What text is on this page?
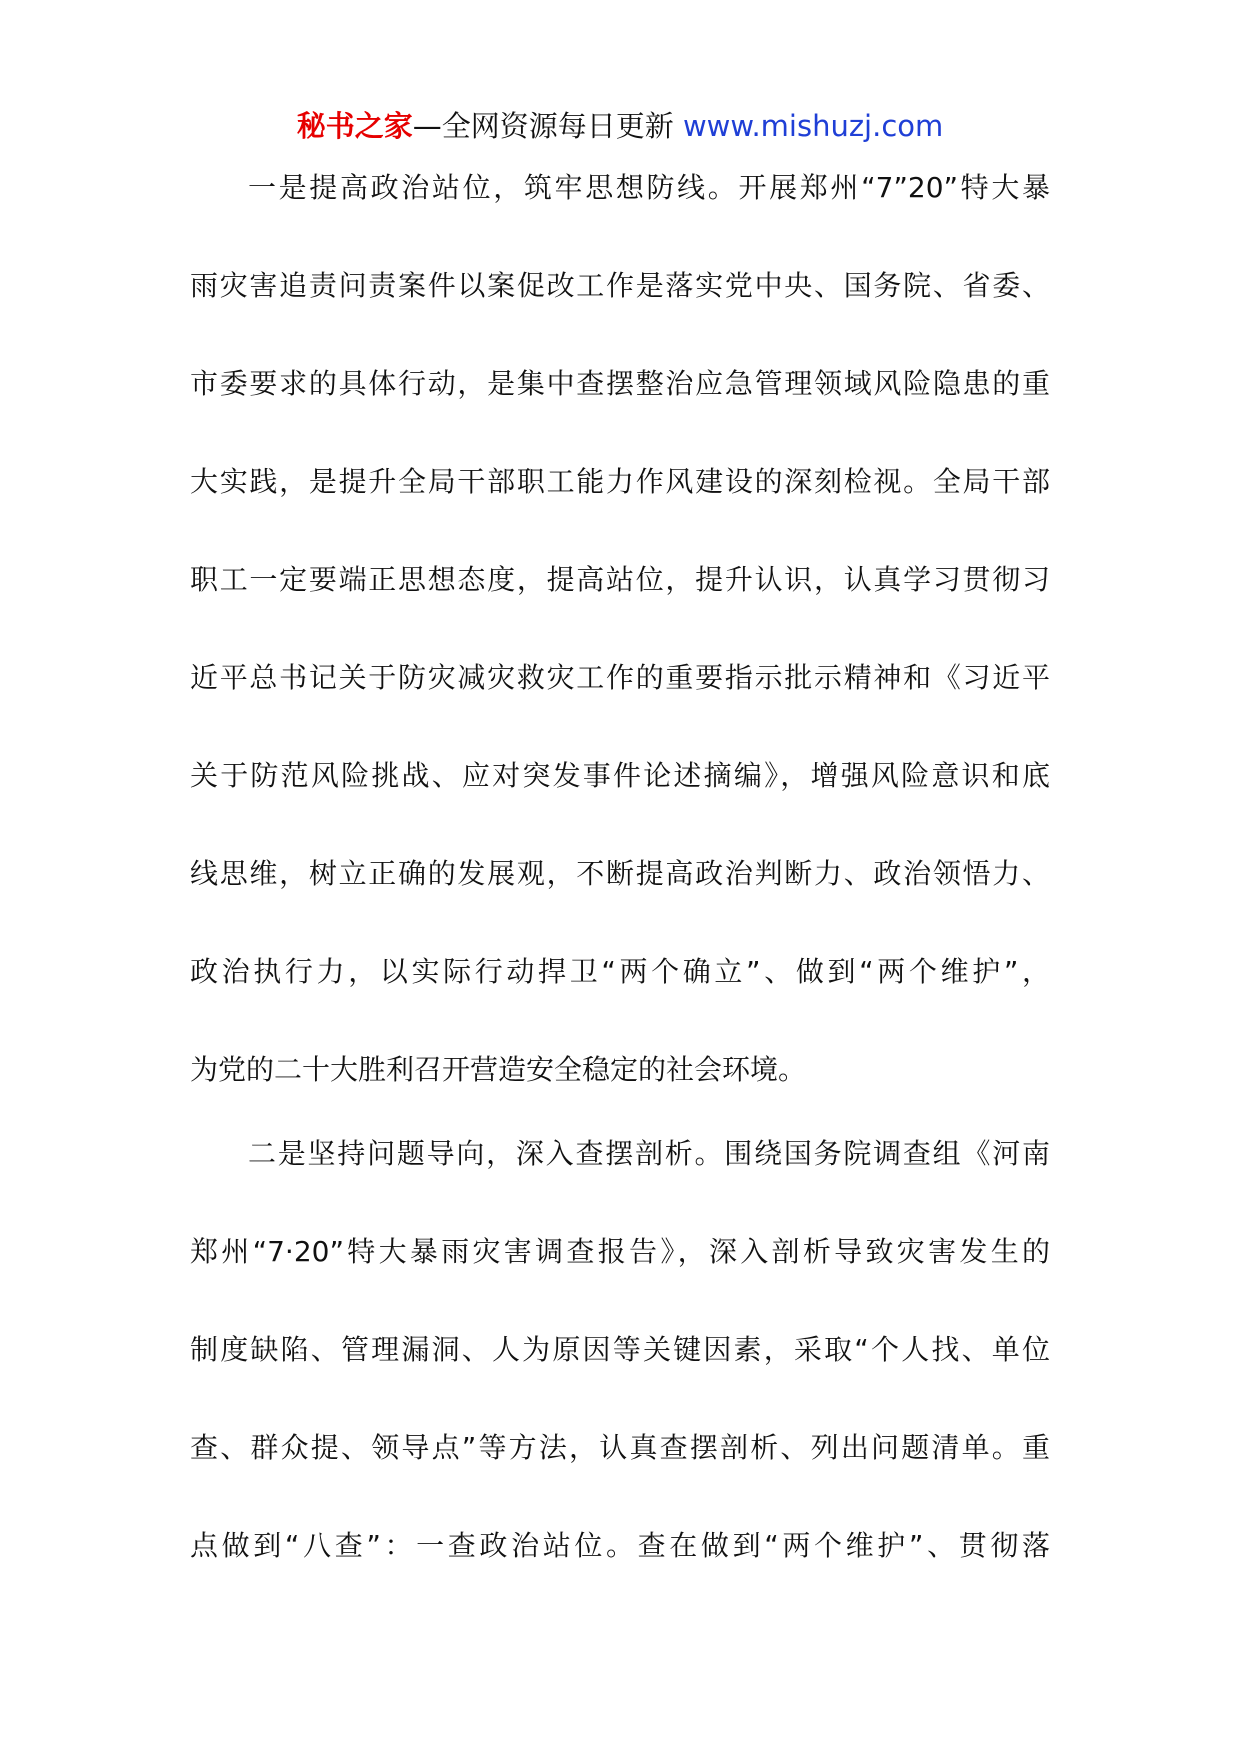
秘书之家—全网资源每日更新 www.mishuzj.com
一是提高政治站位，筑牢思想防线。开展郑州“7”20”特大暴
雨灾害追责问责案件以案促改工作是落实党中央、国务院、省委、
市委要求的具体行动，是集中查摆整治应急管理领域风险隐患的重
大实践，是提升全局干部职工能力作风建设的深刻检视。全局干部
职工一定要端正思想态度，提高站位，提升认识，认真学习贯彻习
近平总书记关于防灾减灾救灾工作的重要指示批示精神和《习近平
关于防范风险挑战、应对突发事件论述摘编》，增强风险意识和底
线思维，树立正确的发展观，不断提高政治判断力、政治领悟力、
政治执行力，以实际行动捍卫“两个确立”、做到“两个维护”，
为党的二十大胜利召开营造安全稳定的社会环境。
二是坚持问题导向，深入查摆剖析。围绕国务院调查组《河南
郑州“7·20”特大暴雨灾害调查报告》，深入剖析导致灾害发生的
制度缺陷、管理漏洞、人为原因等关键因素，采取“个人找、单位
查、群众提、领导点”等方法，认真查摆剖析、列出问题清单。重
点做到“八查”：一查政治站位。查在做到“两个维护”、贯彻落
